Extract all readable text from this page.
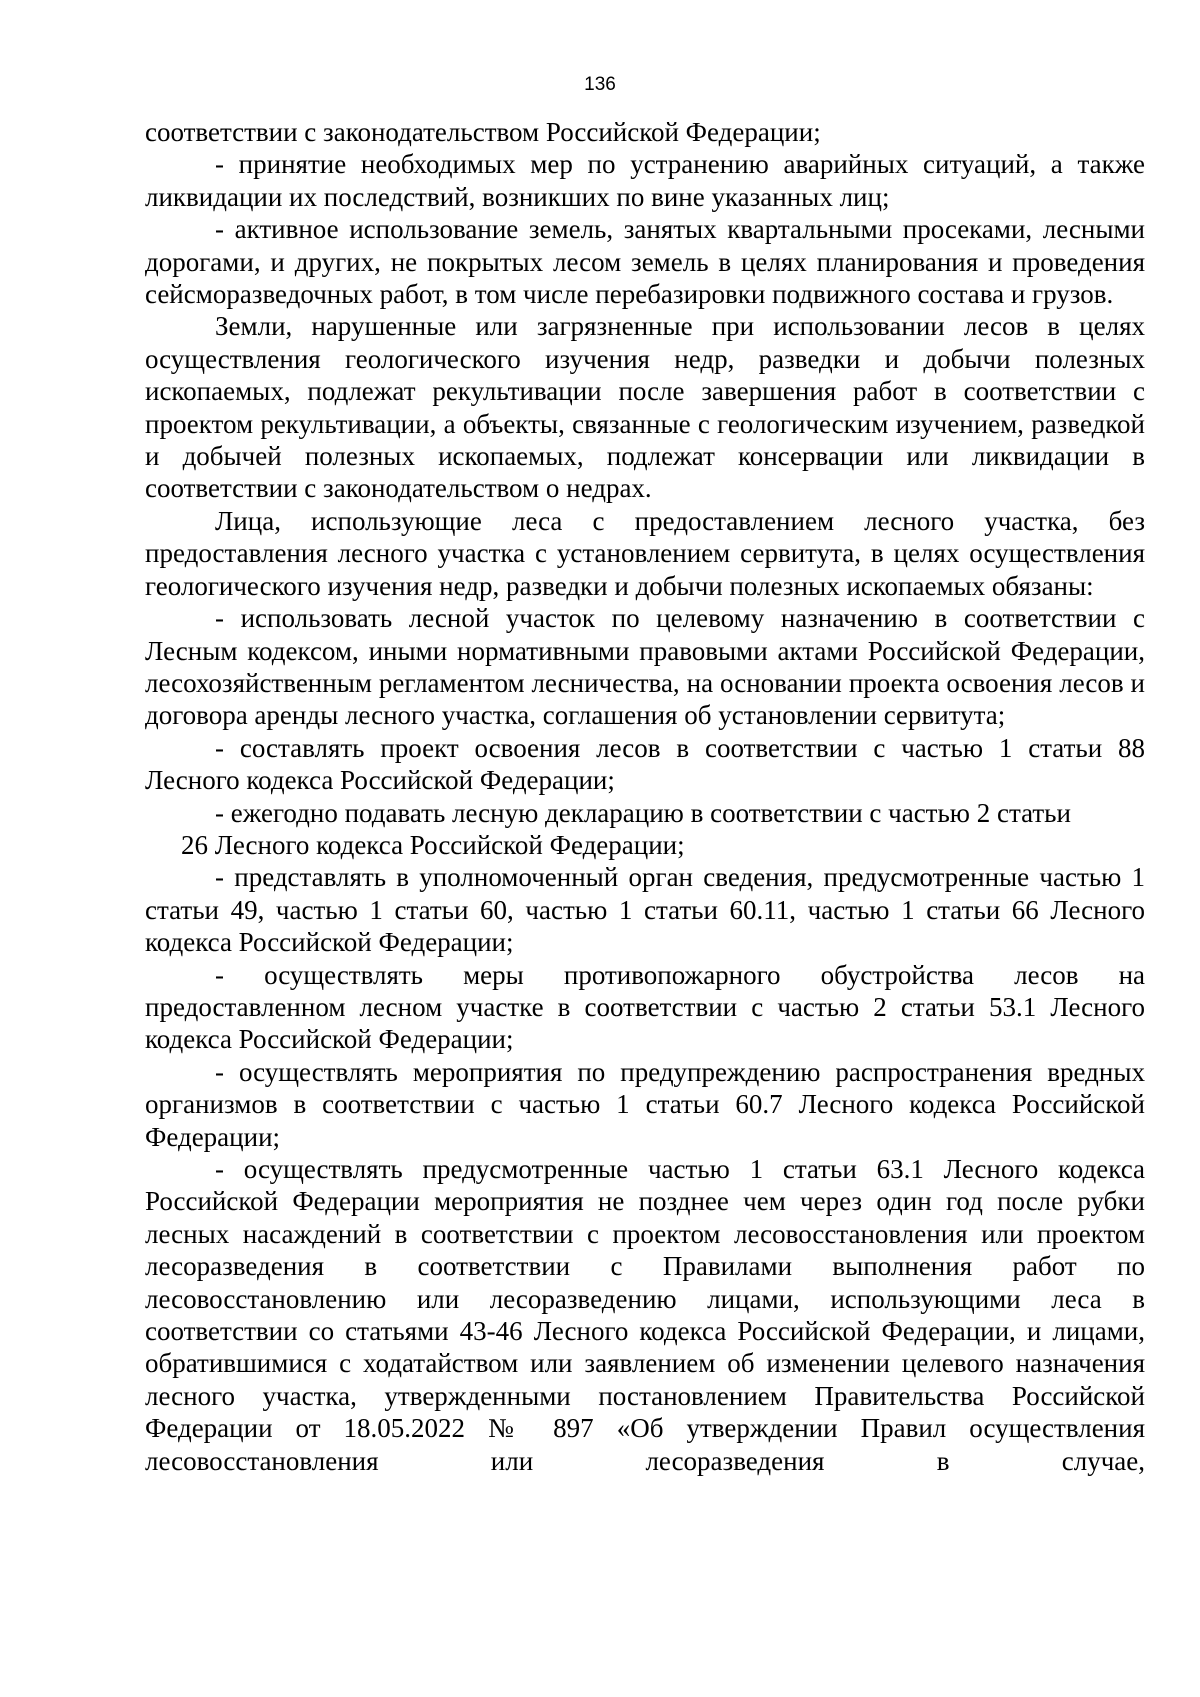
136

соответствии с законодательством Российской Федерации;

- принятие необходимых мер по устранению аварийных ситуаций, а также ликвидации их последствий, возникших по вине указанных лиц;

- активное использование земель, занятых квартальными просеками, лесными дорогами, и других, не покрытых лесом земель в целях планирования и проведения сейсморазведочных работ, в том числе перебазировки подвижного состава и грузов.

Земли, нарушенные или загрязненные при использовании лесов в целях осуществления геологического изучения недр, разведки и добычи полезных ископаемых, подлежат рекультивации после завершения работ в соответствии с проектом рекультивации, а объекты, связанные с геологическим изучением, разведкой и добычей полезных ископаемых, подлежат консервации или ликвидации в соответствии с законодательством о недрах.

Лица, использующие леса с предоставлением лесного участка, без предоставления лесного участка с установлением сервитута, в целях осуществления геологического изучения недр, разведки и добычи полезных ископаемых обязаны:

- использовать лесной участок по целевому назначению в соответствии с Лесным кодексом, иными нормативными правовыми актами Российской Федерации, лесохозяйственным регламентом лесничества, на основании проекта освоения лесов и договора аренды лесного участка, соглашения об установлении сервитута;

- составлять проект освоения лесов в соответствии с частью 1 статьи 88 Лесного кодекса Российской Федерации;

- ежегодно подавать лесную декларацию в соответствии с частью 2 статьи

26 Лесного кодекса Российской Федерации;

- представлять в уполномоченный орган сведения, предусмотренные частью 1 статьи 49, частью 1 статьи 60, частью 1 статьи 60.11, частью 1 статьи 66 Лесного кодекса Российской Федерации;

- осуществлять меры противопожарного обустройства лесов на предоставленном лесном участке в соответствии с частью 2 статьи 53.1 Лесного кодекса Российской Федерации;

- осуществлять мероприятия по предупреждению распространения вредных организмов в соответствии с частью 1 статьи 60.7 Лесного кодекса Российской Федерации;

- осуществлять предусмотренные частью 1 статьи 63.1 Лесного кодекса Российской Федерации мероприятия не позднее чем через один год после рубки лесных насаждений в соответствии с проектом лесовосстановления или проектом лесоразведения в соответствии с Правилами выполнения работ по лесовосстановлению или лесоразведению лицами, использующими леса в соответствии со статьями 43-46 Лесного кодекса Российской Федерации, и лицами, обратившимися с ходатайством или заявлением об изменении целевого назначения лесного участка, утвержденными постановлением Правительства Российской Федерации от 18.05.2022 № 897 «Об утверждении Правил осуществления лесовосстановления или лесоразведения в случае,
